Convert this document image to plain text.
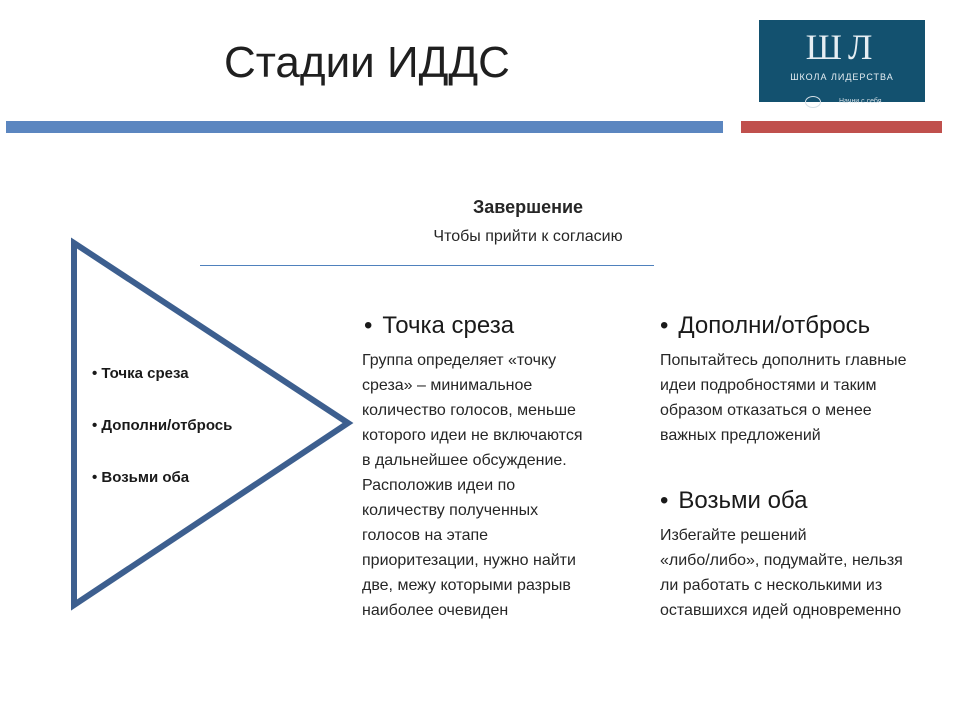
Стадии ИДДС	ШЛ
ШКОЛА ЛИДЕРСТВА
Начни с себя
Завершение
Чтобы прийти к согласию
• Точка среза
• Дополни/отбрось
• Возьми оба
• Точка среза
Группа определяет «точку
среза» – минимальное
количество голосов, меньше
которого идеи не включаются
в дальнейшее обсуждение.
Расположив идеи по
количеству полученных
голосов на этапе
приоритезации, нужно найти
две, межу которыми разрыв
наиболее очевиден
• Дополни/отбрось
Попытайтесь дополнить главные
идеи подробностями и таким
образом отказаться о менее
важных предложений
• Возьми оба
Избегайте решений
«либо/либо», подумайте, нельзя
ли работать с несколькими из
оставшихся идей одновременно
